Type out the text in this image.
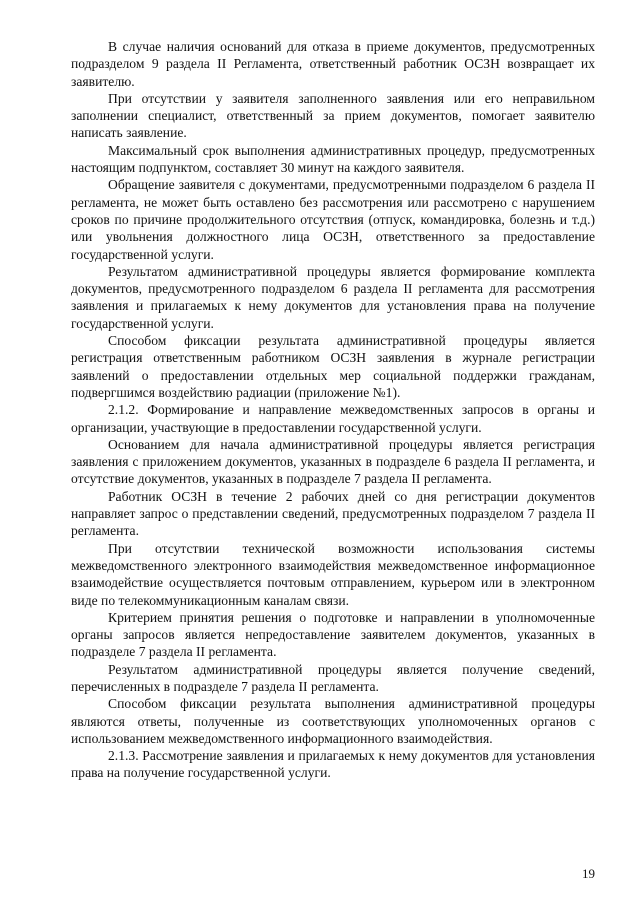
В случае наличия оснований для отказа в приеме документов, предусмотренных подразделом 9 раздела II Регламента, ответственный работник ОСЗН возвращает их заявителю.

При отсутствии у заявителя заполненного заявления или его неправильном заполнении специалист, ответственный за прием документов, помогает заявителю написать заявление.

Максимальный срок выполнения административных процедур, предусмотренных настоящим подпунктом, составляет 30 минут на каждого заявителя.

Обращение заявителя с документами, предусмотренными подразделом 6 раздела II регламента, не может быть оставлено без рассмотрения или рассмотрено с нарушением сроков по причине продолжительного отсутствия (отпуск, командировка, болезнь и т.д.) или увольнения должностного лица ОСЗН, ответственного за предоставление государственной услуги.

Результатом административной процедуры является формирование комплекта документов, предусмотренного подразделом 6 раздела II регламента для рассмотрения заявления и прилагаемых к нему документов для установления права на получение государственной услуги.

Способом фиксации результата административной процедуры является регистрация ответственным работником ОСЗН заявления в журнале регистрации заявлений о предоставлении отдельных мер социальной поддержки гражданам, подвергшимся воздействию радиации (приложение №1).

2.1.2. Формирование и направление межведомственных запросов в органы и организации, участвующие в предоставлении государственной услуги.

Основанием для начала административной процедуры является регистрация заявления с приложением документов, указанных в подразделе 6 раздела II регламента, и отсутствие документов, указанных в подразделе 7 раздела II регламента.

Работник ОСЗН в течение 2 рабочих дней со дня регистрации документов направляет запрос о представлении сведений, предусмотренных подразделом 7 раздела II регламента.

При отсутствии технической возможности использования системы межведомственного электронного взаимодействия межведомственное информационное взаимодействие осуществляется почтовым отправлением, курьером или в электронном виде по телекоммуникационным каналам связи.

Критерием принятия решения о подготовке и направлении в уполномоченные органы запросов является непредоставление заявителем документов, указанных в подразделе 7 раздела II регламента.

Результатом административной процедуры является получение сведений, перечисленных в подразделе 7 раздела II регламента.

Способом фиксации результата выполнения административной процедуры являются ответы, полученные из соответствующих уполномоченных органов с использованием межведомственного информационного взаимодействия.

2.1.3. Рассмотрение заявления и прилагаемых к нему документов для установления права на получение государственной услуги.

19
